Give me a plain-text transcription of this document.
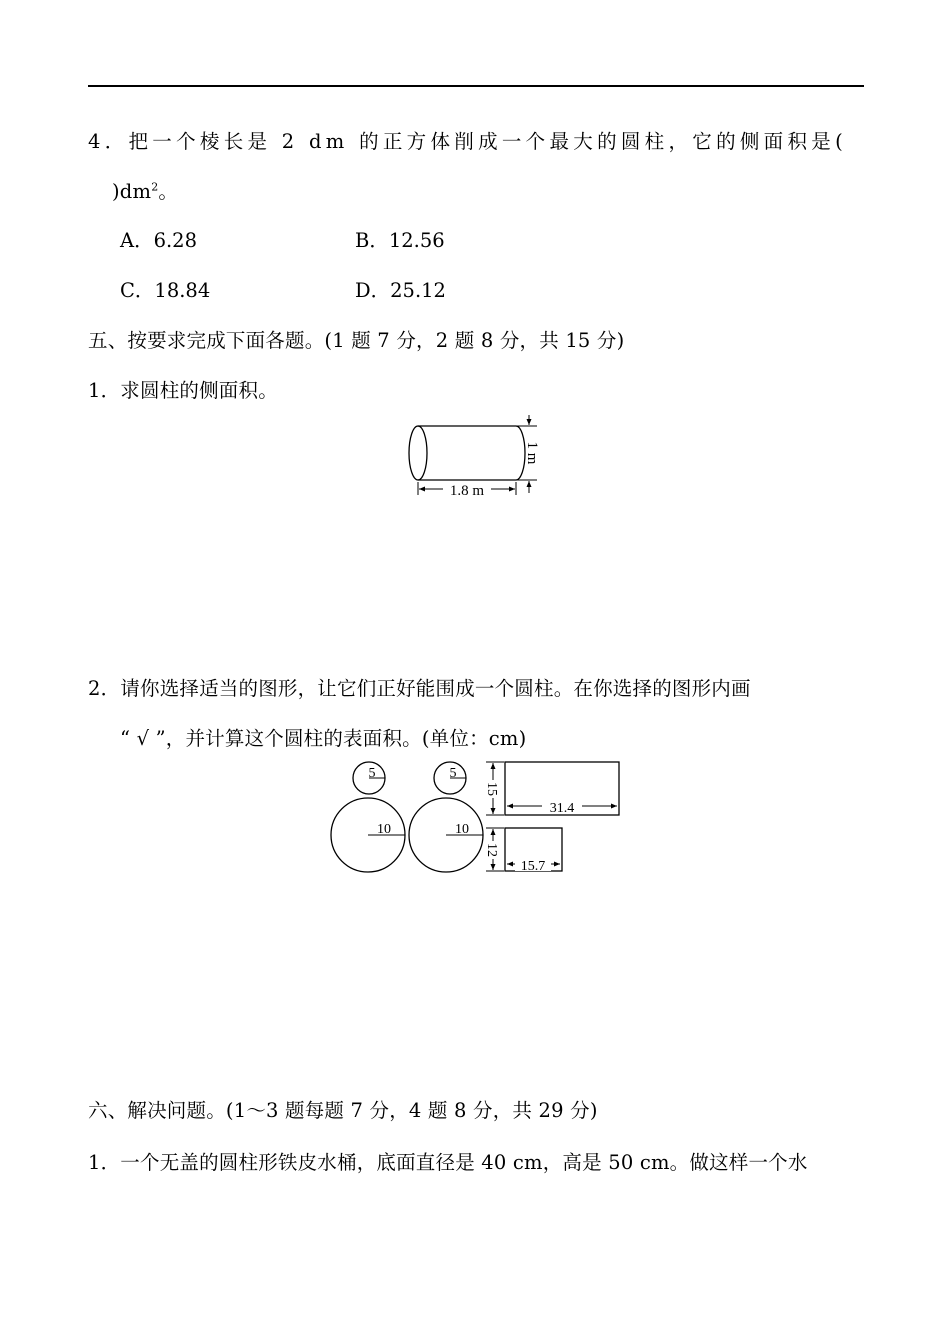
4．把一个棱长是 2 dm 的正方体削成一个最大的圆柱，它的侧面积是(
)$dm^2$。
A．6.28	B．12.56
C．18.84	D．25.12
五、按要求完成下面各题。(1 题 7 分，2 题 8 分，共 15 分)
1．求圆柱的侧面积。
1.8 m
1 m
2．请你选择适当的图形，让它们正好能围成一个圆柱。在你选择的图形内画
“ √ ”，并计算这个圆柱的表面积。(单位：cm)
5
10
5
10
15
31.4
12
15.7
六、解决问题。(1～3 题每题 7 分，4 题 8 分，共 29 分)
1．一个无盖的圆柱形铁皮水桶，底面直径是 40 cm，高是 50 cm。做这样一个水
